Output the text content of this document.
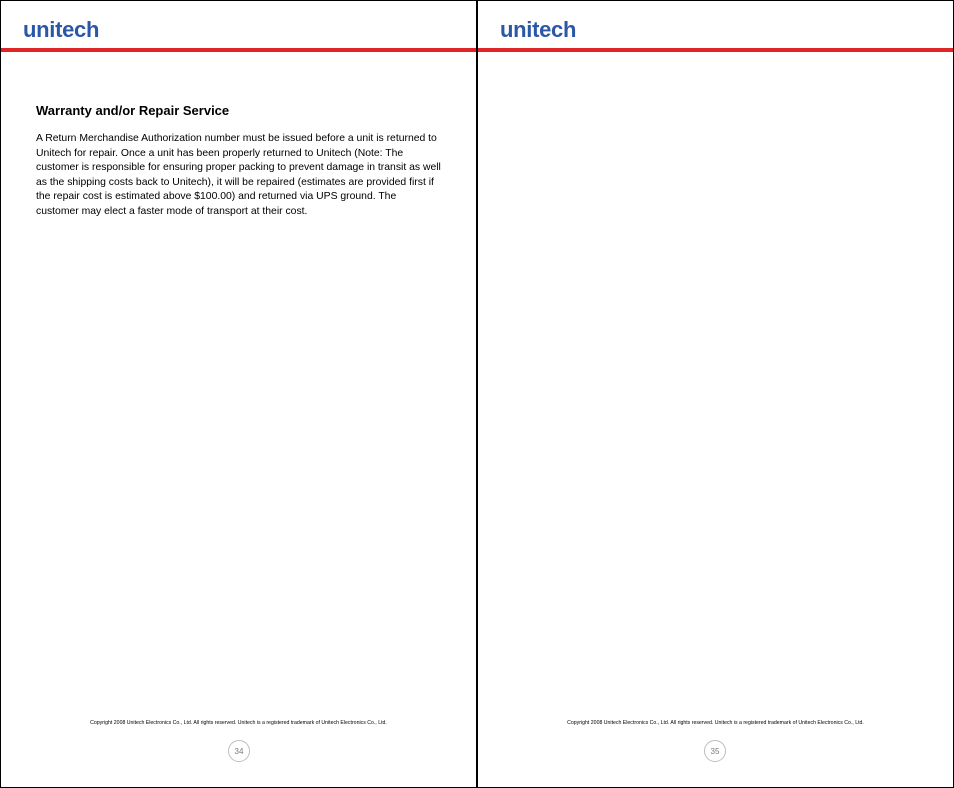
unitech
Warranty and/or Repair Service

A Return Merchandise Authorization number must be issued before a unit is returned to Unitech for repair. Once a unit has been properly returned to Unitech (Note: The customer is responsible for ensuring proper packing to prevent damage in transit as well as the shipping costs back to Unitech), it will be repaired (estimates are provided first if the repair cost is estimated above $100.00) and returned via UPS ground. The customer may elect a faster mode of transport at their cost.

Copyright 2008 Unitech Electronics Co., Ltd. All rights reserved. Unitech is a registered trademark of Unitech Electronics Co., Ltd.
34
unitech
Copyright 2008 Unitech Electronics Co., Ltd. All rights reserved. Unitech is a registered trademark of Unitech Electronics Co., Ltd.
35
